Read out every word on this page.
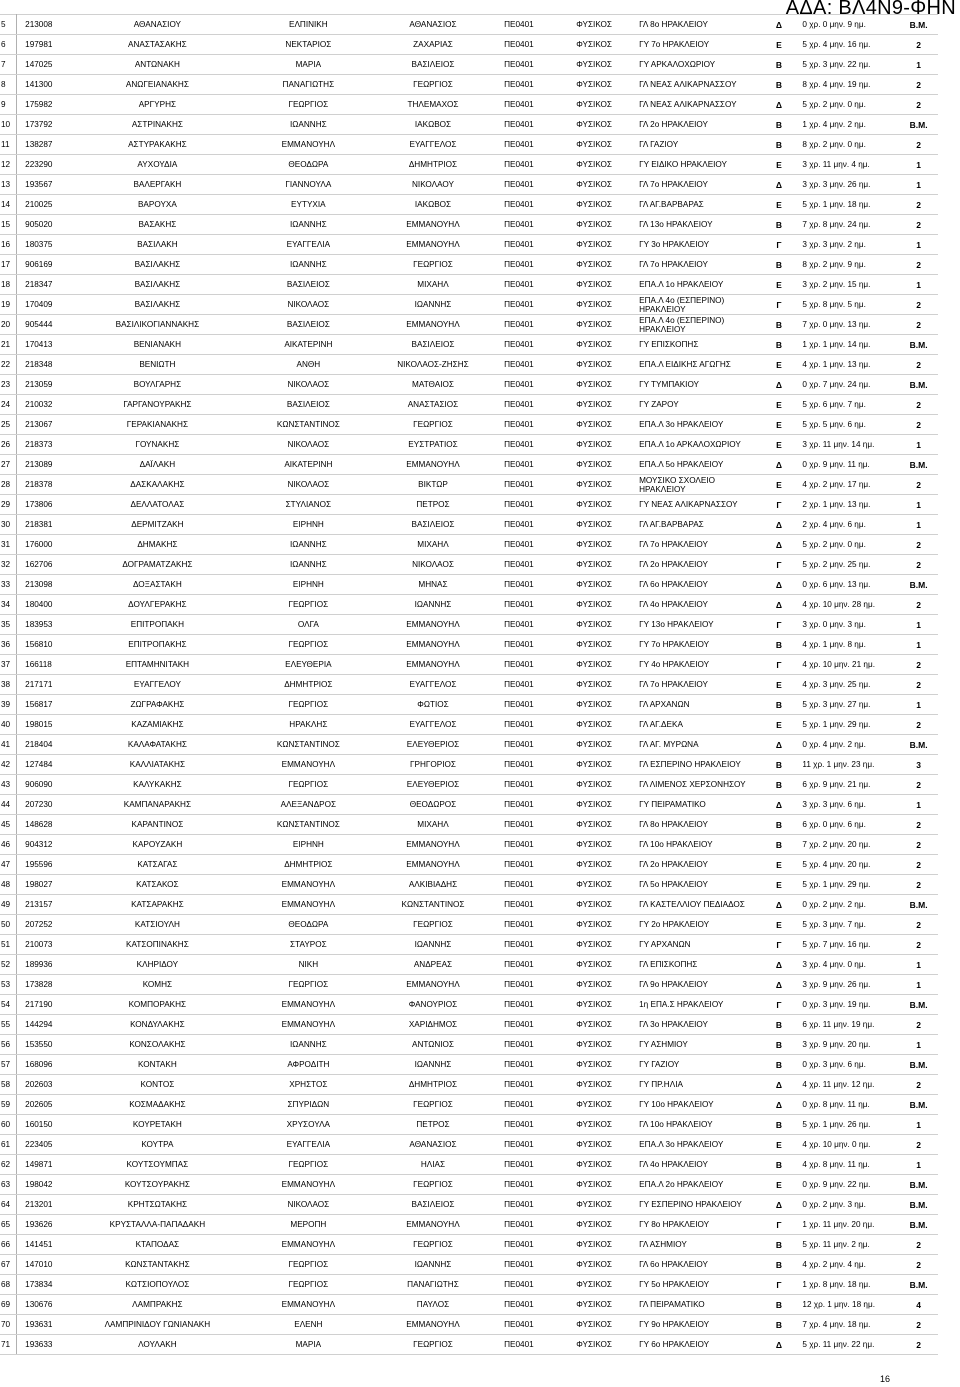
ΑΔΑ: ΒΛ4Ν9-ΦΗΝ
5	213008	ΑΘΑΝΑΣΙΟΥ	ΕΛΠΙΝΙΚΗ	ΑΘΑΝΑΣΙΟΣ	ΠΕ0401	ΦΥΣΙΚΟΣ	ΓΛ 8ο ΗΡΑΚΛΕΙΟΥ	Δ	0 χρ. 0 μην. 9 ημ.	Β.Μ.
6	197981	ΑΝΑΣΤΑΣΑΚΗΣ	ΝΕΚΤΑΡΙΟΣ	ΖΑΧΑΡΙΑΣ	ΠΕ0401	ΦΥΣΙΚΟΣ	ΓΥ 7ο ΗΡΑΚΛΕΙΟΥ	Ε	5 χρ. 4 μην. 16 ημ.	2
7	147025	ΑΝΤΩΝΑΚΗ	ΜΑΡΙΑ	ΒΑΣΙΛΕΙΟΣ	ΠΕ0401	ΦΥΣΙΚΟΣ	ΓΥ ΑΡΚΑΛΟΧΩΡΙΟΥ	Β	5 χρ. 3 μην. 22 ημ.	1
8	141300	ΑΝΩΓΕΙΑΝΑΚΗΣ	ΠΑΝΑΓΙΩΤΗΣ	ΓΕΩΡΓΙΟΣ	ΠΕ0401	ΦΥΣΙΚΟΣ	ΓΛ ΝΕΑΣ ΑΛΙΚΑΡΝΑΣΣΟΥ	Β	8 χρ. 4 μην. 19 ημ.	2
9	175982	ΑΡΓΥΡΗΣ	ΓΕΩΡΓΙΟΣ	ΤΗΛΕΜΑΧΟΣ	ΠΕ0401	ΦΥΣΙΚΟΣ	ΓΛ ΝΕΑΣ ΑΛΙΚΑΡΝΑΣΣΟΥ	Δ	5 χρ. 2 μην. 0 ημ.	2
10	173792	ΑΣΤΡΙΝΑΚΗΣ	ΙΩΑΝΝΗΣ	ΙΑΚΩΒΟΣ	ΠΕ0401	ΦΥΣΙΚΟΣ	ΓΛ 2ο ΗΡΑΚΛΕΙΟΥ	Β	1 χρ. 4 μην. 2 ημ.	Β.Μ.
11	138287	ΑΣΤΥΡΑΚΑΚΗΣ	ΕΜΜΑΝΟΥΗΛ	ΕΥΑΓΓΕΛΟΣ	ΠΕ0401	ΦΥΣΙΚΟΣ	ΓΛ ΓΑΖΙΟΥ	Β	8 χρ. 2 μην. 0 ημ.	2
12	223290	ΑΥΧΟΥΔΙΑ	ΘΕΟΔΩΡΑ	ΔΗΜΗΤΡΙΟΣ	ΠΕ0401	ΦΥΣΙΚΟΣ	ΓΥ ΕΙΔΙΚΟ ΗΡΑΚΛΕΙΟΥ	Ε	3 χρ. 11 μην. 4 ημ.	1
13	193567	ΒΑΛΕΡΓΑΚΗ	ΓΙΑΝΝΟΥΛΑ	ΝΙΚΟΛΑΟΥ	ΠΕ0401	ΦΥΣΙΚΟΣ	ΓΛ 7ο ΗΡΑΚΛΕΙΟΥ	Δ	3 χρ. 3 μην. 26 ημ.	1
14	210025	ΒΑΡΟΥΧΑ	ΕΥΤΥΧΙΑ	ΙΑΚΩΒΟΣ	ΠΕ0401	ΦΥΣΙΚΟΣ	ΓΛ ΑΓ.ΒΑΡΒΑΡΑΣ	Ε	5 χρ. 1 μην. 18 ημ.	2
15	905020	ΒΑΣΑΚΗΣ	ΙΩΑΝΝΗΣ	ΕΜΜΑΝΟΥΗΛ	ΠΕ0401	ΦΥΣΙΚΟΣ	ΓΛ 13ο ΗΡΑΚΛΕΙΟΥ	Β	7 χρ. 8 μην. 24 ημ.	2
16	180375	ΒΑΣΙΛΑΚΗ	ΕΥΑΓΓΕΛΙΑ	ΕΜΜΑΝΟΥΗΛ	ΠΕ0401	ΦΥΣΙΚΟΣ	ΓΥ 3ο ΗΡΑΚΛΕΙΟΥ	Γ	3 χρ. 3 μην. 2 ημ.	1
17	906169	ΒΑΣΙΛΑΚΗΣ	ΙΩΑΝΝΗΣ	ΓΕΩΡΓΙΟΣ	ΠΕ0401	ΦΥΣΙΚΟΣ	ΓΛ 7ο ΗΡΑΚΛΕΙΟΥ	Β	8 χρ. 2 μην. 9 ημ.	2
18	218347	ΒΑΣΙΛΑΚΗΣ	ΒΑΣΙΛΕΙΟΣ	ΜΙΧΑΗΛ	ΠΕ0401	ΦΥΣΙΚΟΣ	ΕΠΑ.Λ 1ο ΗΡΑΚΛΕΙΟΥ	Ε	3 χρ. 2 μην. 15 ημ.	1
19	170409	ΒΑΣΙΛΑΚΗΣ	ΝΙΚΟΛΑΟΣ	ΙΩΑΝΝΗΣ	ΠΕ0401	ΦΥΣΙΚΟΣ	ΕΠΑ.Λ 4ο (ΕΣΠΕΡΙΝΟ) ΗΡΑΚΛΕΙΟΥ	Γ	5 χρ. 8 μην. 5 ημ.	2
20	905444	ΒΑΣΙΛΙΚΟΓΙΑΝΝΑΚΗΣ	ΒΑΣΙΛΕΙΟΣ	ΕΜΜΑΝΟΥΗΛ	ΠΕ0401	ΦΥΣΙΚΟΣ	ΕΠΑ.Λ 4ο (ΕΣΠΕΡΙΝΟ) ΗΡΑΚΛΕΙΟΥ	Β	7 χρ. 0 μην. 13 ημ.	2
21	170413	ΒΕΝΙΑΝΑΚΗ	ΑΙΚΑΤΕΡΙΝΗ	ΒΑΣΙΛΕΙΟΣ	ΠΕ0401	ΦΥΣΙΚΟΣ	ΓΥ ΕΠΙΣΚΟΠΗΣ	Β	1 χρ. 1 μην. 14 ημ.	Β.Μ.
22	218348	ΒΕΝΙΩΤΗ	ΑΝΘΗ	ΝΙΚΟΛΑΟΣ-ΖΗΣΗΣ	ΠΕ0401	ΦΥΣΙΚΟΣ	ΕΠΑ.Λ ΕΙΔΙΚΗΣ ΑΓΩΓΗΣ	Ε	4 χρ. 1 μην. 13 ημ.	2
23	213059	ΒΟΥΛΓΑΡΗΣ	ΝΙΚΟΛΑΟΣ	ΜΑΤΘΑΙΟΣ	ΠΕ0401	ΦΥΣΙΚΟΣ	ΓΥ ΤΥΜΠΑΚΙΟΥ	Δ	0 χρ. 7 μην. 24 ημ.	Β.Μ.
24	210032	ΓΑΡΓΑΝΟΥΡΑΚΗΣ	ΒΑΣΙΛΕΙΟΣ	ΑΝΑΣΤΑΣΙΟΣ	ΠΕ0401	ΦΥΣΙΚΟΣ	ΓΥ ΖΑΡΟΥ	Ε	5 χρ. 6 μην. 7 ημ.	2
25	213067	ΓΕΡΑΚΙΑΝΑΚΗΣ	ΚΩΝΣΤΑΝΤΙΝΟΣ	ΓΕΩΡΓΙΟΣ	ΠΕ0401	ΦΥΣΙΚΟΣ	ΕΠΑ.Λ 3ο ΗΡΑΚΛΕΙΟΥ	Ε	5 χρ. 5 μην. 6 ημ.	2
26	218373	ΓΟΥΝΑΚΗΣ	ΝΙΚΟΛΑΟΣ	ΕΥΣΤΡΑΤΙΟΣ	ΠΕ0401	ΦΥΣΙΚΟΣ	ΕΠΑ.Λ 1ο ΑΡΚΑΛΟΧΩΡΙΟΥ	Ε	3 χρ. 11 μην. 14 ημ.	1
27	213089	ΔΑΪΛΑΚΗ	ΑΙΚΑΤΕΡΙΝΗ	ΕΜΜΑΝΟΥΗΛ	ΠΕ0401	ΦΥΣΙΚΟΣ	ΕΠΑ.Λ 5ο ΗΡΑΚΛΕΙΟΥ	Δ	0 χρ. 9 μην. 11 ημ.	Β.Μ.
28	218378	ΔΑΣΚΑΛΑΚΗΣ	ΝΙΚΟΛΑΟΣ	ΒΙΚΤΩΡ	ΠΕ0401	ΦΥΣΙΚΟΣ	ΜΟΥΣΙΚΟ ΣΧΟΛΕΙΟ ΗΡΑΚΛΕΙΟΥ	Ε	4 χρ. 2 μην. 17 ημ.	2
29	173806	ΔΕΛΛΑΤΟΛΑΣ	ΣΤΥΛΙΑΝΟΣ	ΠΕΤΡΟΣ	ΠΕ0401	ΦΥΣΙΚΟΣ	ΓΥ ΝΕΑΣ ΑΛΙΚΑΡΝΑΣΣΟΥ	Γ	2 χρ. 1 μην. 13 ημ.	1
30	218381	ΔΕΡΜΙΤΖΑΚΗ	ΕΙΡΗΝΗ	ΒΑΣΙΛΕΙΟΣ	ΠΕ0401	ΦΥΣΙΚΟΣ	ΓΛ ΑΓ.ΒΑΡΒΑΡΑΣ	Δ	2 χρ. 4 μην. 6 ημ.	1
31	176000	ΔΗΜΑΚΗΣ	ΙΩΑΝΝΗΣ	ΜΙΧΑΗΛ	ΠΕ0401	ΦΥΣΙΚΟΣ	ΓΛ 7ο ΗΡΑΚΛΕΙΟΥ	Δ	5 χρ. 2 μην. 0 ημ.	2
32	162706	ΔΟΓΡΑΜΑΤΖΑΚΗΣ	ΙΩΑΝΝΗΣ	ΝΙΚΟΛΑΟΣ	ΠΕ0401	ΦΥΣΙΚΟΣ	ΓΛ 2ο ΗΡΑΚΛΕΙΟΥ	Γ	5 χρ. 2 μην. 25 ημ.	2
33	213098	ΔΟΞΑΣΤΑΚΗ	ΕΙΡΗΝΗ	ΜΗΝΑΣ	ΠΕ0401	ΦΥΣΙΚΟΣ	ΓΛ 6ο ΗΡΑΚΛΕΙΟΥ	Δ	0 χρ. 6 μην. 13 ημ.	Β.Μ.
34	180400	ΔΟΥΛΓΕΡΑΚΗΣ	ΓΕΩΡΓΙΟΣ	ΙΩΑΝΝΗΣ	ΠΕ0401	ΦΥΣΙΚΟΣ	ΓΛ 4ο ΗΡΑΚΛΕΙΟΥ	Δ	4 χρ. 10 μην. 28 ημ.	2
35	183953	ΕΠΙΤΡΟΠΑΚΗ	ΟΛΓΑ	ΕΜΜΑΝΟΥΗΛ	ΠΕ0401	ΦΥΣΙΚΟΣ	ΓΥ 13ο ΗΡΑΚΛΕΙΟΥ	Γ	3 χρ. 0 μην. 3 ημ.	1
36	156810	ΕΠΙΤΡΟΠΑΚΗΣ	ΓΕΩΡΓΙΟΣ	ΕΜΜΑΝΟΥΗΛ	ΠΕ0401	ΦΥΣΙΚΟΣ	ΓΥ 7ο ΗΡΑΚΛΕΙΟΥ	Β	4 χρ. 1 μην. 8 ημ.	1
37	166118	ΕΠΤΑΜΗΝΙΤΑΚΗ	ΕΛΕΥΘΕΡΙΑ	ΕΜΜΑΝΟΥΗΛ	ΠΕ0401	ΦΥΣΙΚΟΣ	ΓΥ 4ο ΗΡΑΚΛΕΙΟΥ	Γ	4 χρ. 10 μην. 21 ημ.	2
38	217171	ΕΥΑΓΓΕΛΟΥ	ΔΗΜΗΤΡΙΟΣ	ΕΥΑΓΓΕΛΟΣ	ΠΕ0401	ΦΥΣΙΚΟΣ	ΓΛ 7ο ΗΡΑΚΛΕΙΟΥ	Ε	4 χρ. 3 μην. 25 ημ.	2
39	156817	ΖΩΓΡΑΦΑΚΗΣ	ΓΕΩΡΓΙΟΣ	ΦΩΤΙΟΣ	ΠΕ0401	ΦΥΣΙΚΟΣ	ΓΛ ΑΡΧΑΝΩΝ	Β	5 χρ. 3 μην. 27 ημ.	1
40	198015	ΚΑΖΑΜΙΑΚΗΣ	ΗΡΑΚΛΗΣ	ΕΥΑΓΓΕΛΟΣ	ΠΕ0401	ΦΥΣΙΚΟΣ	ΓΛ ΑΓ.ΔΕΚΑ	Ε	5 χρ. 1 μην. 29 ημ.	2
41	218404	ΚΑΛΑΦΑΤΑΚΗΣ	ΚΩΝΣΤΑΝΤΙΝΟΣ	ΕΛΕΥΘΕΡΙΟΣ	ΠΕ0401	ΦΥΣΙΚΟΣ	ΓΛ ΑΓ. ΜΥΡΩΝΑ	Δ	0 χρ. 4 μην. 2 ημ.	Β.Μ.
42	127484	ΚΑΛΛΙΑΤΑΚΗΣ	ΕΜΜΑΝΟΥΗΛ	ΓΡΗΓΟΡΙΟΣ	ΠΕ0401	ΦΥΣΙΚΟΣ	ΓΛ ΕΣΠΕΡΙΝΟ ΗΡΑΚΛΕΙΟΥ	Β	11 χρ. 1 μην. 23 ημ.	3
43	906090	ΚΑΛΥΚΑΚΗΣ	ΓΕΩΡΓΙΟΣ	ΕΛΕΥΘΕΡΙΟΣ	ΠΕ0401	ΦΥΣΙΚΟΣ	ΓΛ ΛΙΜΕΝΟΣ ΧΕΡΣΟΝΗΣΟΥ	Β	6 χρ. 9 μην. 21 ημ.	2
44	207230	ΚΑΜΠΑΝΑΡΑΚΗΣ	ΑΛΕΞΑΝΔΡΟΣ	ΘΕΟΔΩΡΟΣ	ΠΕ0401	ΦΥΣΙΚΟΣ	ΓΥ ΠΕΙΡΑΜΑΤΙΚΟ	Δ	3 χρ. 3 μην. 6 ημ.	1
45	148628	ΚΑΡΑΝΤΙΝΟΣ	ΚΩΝΣΤΑΝΤΙΝΟΣ	ΜΙΧΑΗΛ	ΠΕ0401	ΦΥΣΙΚΟΣ	ΓΛ 8ο ΗΡΑΚΛΕΙΟΥ	Β	6 χρ. 0 μην. 6 ημ.	2
46	904312	ΚΑΡΟΥΖΑΚΗ	ΕΙΡΗΝΗ	ΕΜΜΑΝΟΥΗΛ	ΠΕ0401	ΦΥΣΙΚΟΣ	ΓΛ 10ο ΗΡΑΚΛΕΙΟΥ	Β	7 χρ. 2 μην. 20 ημ.	2
47	195596	ΚΑΤΣΑΓΑΣ	ΔΗΜΗΤΡΙΟΣ	ΕΜΜΑΝΟΥΗΛ	ΠΕ0401	ΦΥΣΙΚΟΣ	ΓΛ 2ο ΗΡΑΚΛΕΙΟΥ	Ε	5 χρ. 4 μην. 20 ημ.	2
48	198027	ΚΑΤΣΑΚΟΣ	ΕΜΜΑΝΟΥΗΛ	ΑΛΚΙΒΙΑΔΗΣ	ΠΕ0401	ΦΥΣΙΚΟΣ	ΓΛ 5ο ΗΡΑΚΛΕΙΟΥ	Ε	5 χρ. 1 μην. 29 ημ.	2
49	213157	ΚΑΤΣΑΡΑΚΗΣ	ΕΜΜΑΝΟΥΗΛ	ΚΩΝΣΤΑΝΤΙΝΟΣ	ΠΕ0401	ΦΥΣΙΚΟΣ	ΓΛ ΚΑΣΤΕΛΛΙΟΥ ΠΕΔΙΑΔΟΣ	Δ	0 χρ. 2 μην. 2 ημ.	Β.Μ.
50	207252	ΚΑΤΣΙΟΥΛΗ	ΘΕΟΔΩΡΑ	ΓΕΩΡΓΙΟΣ	ΠΕ0401	ΦΥΣΙΚΟΣ	ΓΥ 2ο ΗΡΑΚΛΕΙΟΥ	Ε	5 χρ. 3 μην. 7 ημ.	2
51	210073	ΚΑΤΣΟΠΙΝΑΚΗΣ	ΣΤΑΥΡΟΣ	ΙΩΑΝΝΗΣ	ΠΕ0401	ΦΥΣΙΚΟΣ	ΓΥ ΑΡΧΑΝΩΝ	Γ	5 χρ. 7 μην. 16 ημ.	2
52	189936	ΚΛΗΡΙΔΟΥ	ΝΙΚΗ	ΑΝΔΡΕΑΣ	ΠΕ0401	ΦΥΣΙΚΟΣ	ΓΛ ΕΠΙΣΚΟΠΗΣ	Δ	3 χρ. 4 μην. 0 ημ.	1
53	173828	ΚΟΜΗΣ	ΓΕΩΡΓΙΟΣ	ΕΜΜΑΝΟΥΗΛ	ΠΕ0401	ΦΥΣΙΚΟΣ	ΓΛ 9ο ΗΡΑΚΛΕΙΟΥ	Δ	3 χρ. 9 μην. 26 ημ.	1
54	217190	ΚΟΜΠΟΡΑΚΗΣ	ΕΜΜΑΝΟΥΗΛ	ΦΑΝΟΥΡΙΟΣ	ΠΕ0401	ΦΥΣΙΚΟΣ	1η ΕΠΑ.Σ ΗΡΑΚΛΕΙΟΥ	Γ	0 χρ. 3 μην. 19 ημ.	Β.Μ.
55	144294	ΚΟΝΔΥΛΑΚΗΣ	ΕΜΜΑΝΟΥΗΛ	ΧΑΡΙΔΗΜΟΣ	ΠΕ0401	ΦΥΣΙΚΟΣ	ΓΛ 3ο ΗΡΑΚΛΕΙΟΥ	Β	6 χρ. 11 μην. 19 ημ.	2
56	153550	ΚΟΝΣΟΛΑΚΗΣ	ΙΩΑΝΝΗΣ	ΑΝΤΩΝΙΟΣ	ΠΕ0401	ΦΥΣΙΚΟΣ	ΓΥ ΑΣΗΜΙΟΥ	Β	3 χρ. 9 μην. 20 ημ.	1
57	168096	ΚΟΝΤΑΚΗ	ΑΦΡΟΔΙΤΗ	ΙΩΑΝΝΗΣ	ΠΕ0401	ΦΥΣΙΚΟΣ	ΓΥ ΓΑΖΙΟΥ	Β	0 χρ. 3 μην. 6 ημ.	Β.Μ.
58	202603	ΚΟΝΤΟΣ	ΧΡΗΣΤΟΣ	ΔΗΜΗΤΡΙΟΣ	ΠΕ0401	ΦΥΣΙΚΟΣ	ΓΥ ΠΡ.ΗΛΙΑ	Δ	4 χρ. 11 μην. 12 ημ.	2
59	202605	ΚΟΣΜΑΔΑΚΗΣ	ΣΠΥΡΙΔΩΝ	ΓΕΩΡΓΙΟΣ	ΠΕ0401	ΦΥΣΙΚΟΣ	ΓΥ 10ο ΗΡΑΚΛΕΙΟΥ	Δ	0 χρ. 8 μην. 11 ημ.	Β.Μ.
60	160150	ΚΟΥΡΕΤΑΚΗ	ΧΡΥΣΟΥΛΑ	ΠΕΤΡΟΣ	ΠΕ0401	ΦΥΣΙΚΟΣ	ΓΛ 10ο ΗΡΑΚΛΕΙΟΥ	Β	5 χρ. 1 μην. 26 ημ.	1
61	223405	ΚΟΥΤΡΑ	ΕΥΑΓΓΕΛΙΑ	ΑΘΑΝΑΣΙΟΣ	ΠΕ0401	ΦΥΣΙΚΟΣ	ΕΠΑ.Λ 3ο ΗΡΑΚΛΕΙΟΥ	Ε	4 χρ. 10 μην. 0 ημ.	2
62	149871	ΚΟΥΤΣΟΥΜΠΑΣ	ΓΕΩΡΓΙΟΣ	ΗΛΙΑΣ	ΠΕ0401	ΦΥΣΙΚΟΣ	ΓΛ 4ο ΗΡΑΚΛΕΙΟΥ	Β	4 χρ. 8 μην. 11 ημ.	1
63	198042	ΚΟΥΤΣΟΥΡΑΚΗΣ	ΕΜΜΑΝΟΥΗΛ	ΓΕΩΡΓΙΟΣ	ΠΕ0401	ΦΥΣΙΚΟΣ	ΕΠΑ.Λ 2ο ΗΡΑΚΛΕΙΟΥ	Ε	0 χρ. 9 μην. 22 ημ.	Β.Μ.
64	213201	ΚΡΗΤΣΩΤΑΚΗΣ	ΝΙΚΟΛΑΟΣ	ΒΑΣΙΛΕΙΟΣ	ΠΕ0401	ΦΥΣΙΚΟΣ	ΓΥ ΕΣΠΕΡΙΝΟ ΗΡΑΚΛΕΙΟΥ	Δ	0 χρ. 2 μην. 3 ημ.	Β.Μ.
65	193626	ΚΡΥΣΤΑΛΛΑ-ΠΑΠΑΔΑΚΗ	ΜΕΡΟΠΗ	ΕΜΜΑΝΟΥΗΛ	ΠΕ0401	ΦΥΣΙΚΟΣ	ΓΥ 8ο ΗΡΑΚΛΕΙΟΥ	Γ	1 χρ. 11 μην. 20 ημ.	Β.Μ.
66	141451	ΚΤΑΠΟΔΑΣ	ΕΜΜΑΝΟΥΗΛ	ΓΕΩΡΓΙΟΣ	ΠΕ0401	ΦΥΣΙΚΟΣ	ΓΛ ΑΣΗΜΙΟΥ	Β	5 χρ. 11 μην. 2 ημ.	2
67	147010	ΚΩΝΣΤΑΝΤΑΚΗΣ	ΓΕΩΡΓΙΟΣ	ΙΩΑΝΝΗΣ	ΠΕ0401	ΦΥΣΙΚΟΣ	ΓΛ 6ο ΗΡΑΚΛΕΙΟΥ	Β	4 χρ. 2 μην. 4 ημ.	2
68	173834	ΚΩΤΣΙΟΠΟΥΛΟΣ	ΓΕΩΡΓΙΟΣ	ΠΑΝΑΓΙΩΤΗΣ	ΠΕ0401	ΦΥΣΙΚΟΣ	ΓΥ 5ο ΗΡΑΚΛΕΙΟΥ	Γ	1 χρ. 8 μην. 18 ημ.	Β.Μ.
69	130676	ΛΑΜΠΡΑΚΗΣ	ΕΜΜΑΝΟΥΗΛ	ΠΑΥΛΟΣ	ΠΕ0401	ΦΥΣΙΚΟΣ	ΓΛ ΠΕΙΡΑΜΑΤΙΚΟ	Β	12 χρ. 1 μην. 18 ημ.	4
70	193631	ΛΑΜΠΡΙΝΙΔΟΥ ΓΩΝΙΑΝΑΚΗ	ΕΛΕΝΗ	ΕΜΜΑΝΟΥΗΛ	ΠΕ0401	ΦΥΣΙΚΟΣ	ΓΥ 9ο ΗΡΑΚΛΕΙΟΥ	Β	7 χρ. 4 μην. 18 ημ.	2
71	193633	ΛΟΥΛΑΚΗ	ΜΑΡΙΑ	ΓΕΩΡΓΙΟΣ	ΠΕ0401	ΦΥΣΙΚΟΣ	ΓΥ 6ο ΗΡΑΚΛΕΙΟΥ	Δ	5 χρ. 11 μην. 22 ημ.	2
16
